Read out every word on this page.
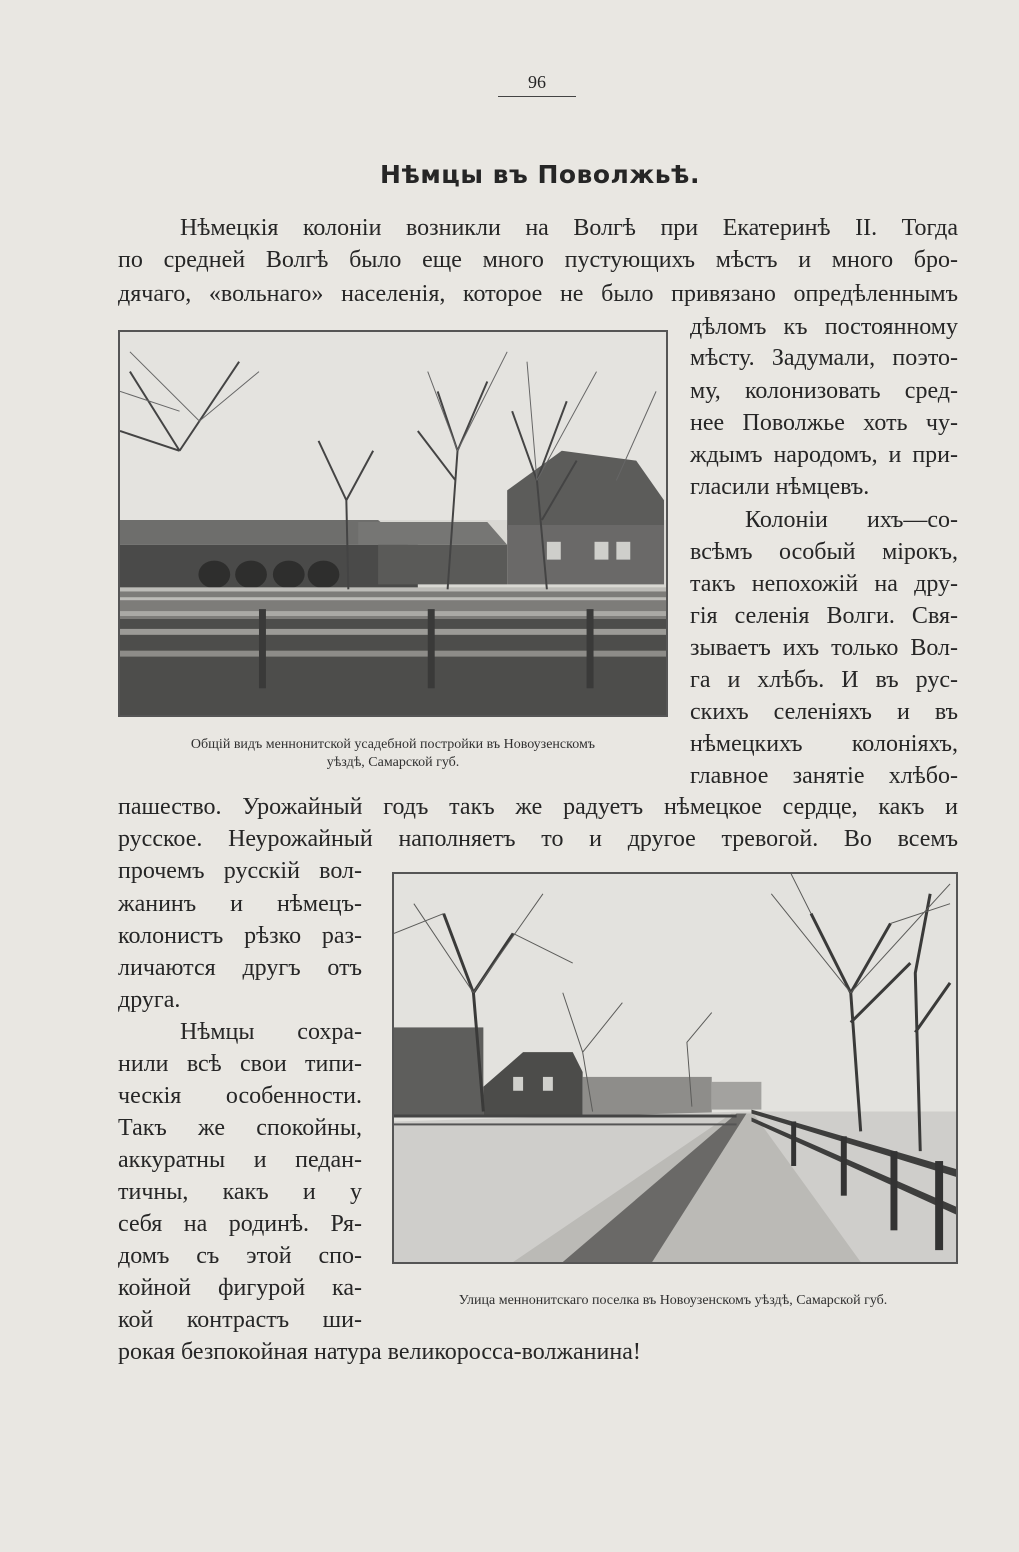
96
Нѣмцы въ Поволжьѣ.
Нѣмецкія колоніи возникли на Волгѣ при Екатеринѣ II. Тогда
по средней Волгѣ было еще много пустующихъ мѣстъ и много бро-
дячаго, «вольнаго» населенія, которое не было привязано опредѣленнымъ
дѣломъ къ постоянному
мѣсту. Задумали, поэто-
му, колонизовать сред-
нее Поволжье хоть чу-
ждымъ народомъ, и при-
гласили нѣмцевъ.
Колоніи ихъ—со-
всѣмъ особый мірокъ,
такъ непохожій на дру-
гія селенія Волги. Свя-
зываетъ ихъ только Вол-
га и хлѣбъ. И въ рус-
скихъ селеніяхъ и въ
нѣмецкихъ колоніяхъ,
главное занятіе хлѣбо-
пашество. Урожайный годъ такъ же радуетъ нѣмецкое сердце, какъ и
русское. Неурожайный наполняетъ то и другое тревогой. Во всемъ
прочемъ русскій вол-
жанинъ и нѣмецъ-
колонистъ рѣзко раз-
личаются другъ отъ
друга.
Нѣмцы сохра-
нили всѣ свои типи-
ческія особенности.
Такъ же спокойны,
аккуратны и педан-
тичны, какъ и у
себя на родинѣ. Ря-
домъ съ этой спо-
койной фигурой ка-
кой контрастъ ши-
рокая безпокойная натура великоросса-волжанина!
Общій видъ меннонитской усадебной постройки въ Новоузенскомъ
уѣздѣ, Самарской губ.
Улица меннонитскаго поселка въ Новоузенскомъ уѣздѣ, Самарской губ.
